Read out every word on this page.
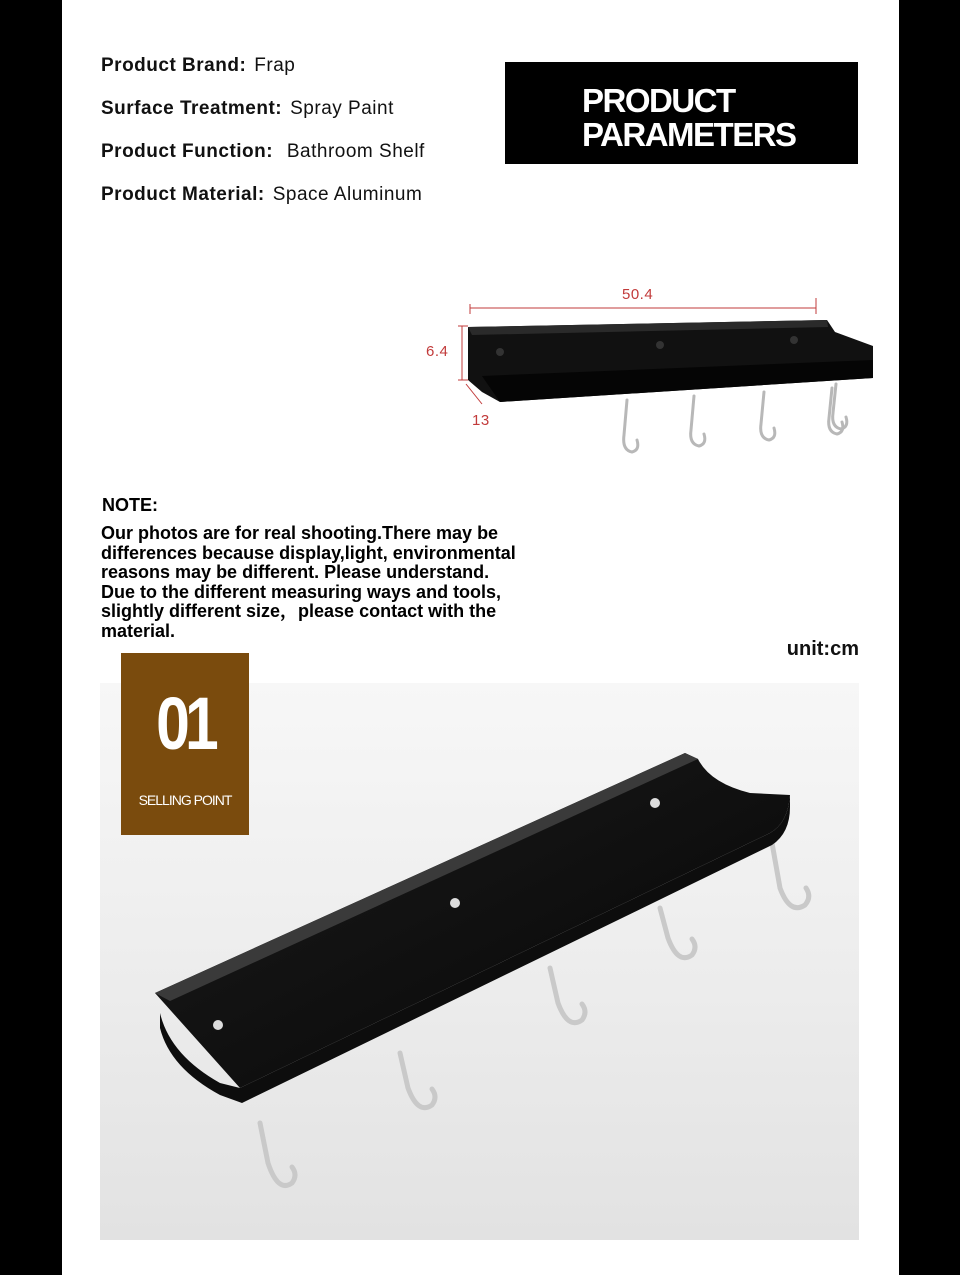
Product Brand: Frap
Surface Treatment: Spray Paint
Product Function: Bathroom Shelf
Product Material: Space Aluminum
PRODUCT
PARAMETERS
50.4
6.4
13
NOTE:
Our photos are for real shooting.There may be
differences because display,light, environmental
reasons may be different. Please understand.
Due to the different measuring ways and tools,
slightly different size，please contact with the
material.
unit:cm
01
SELLING POINT
